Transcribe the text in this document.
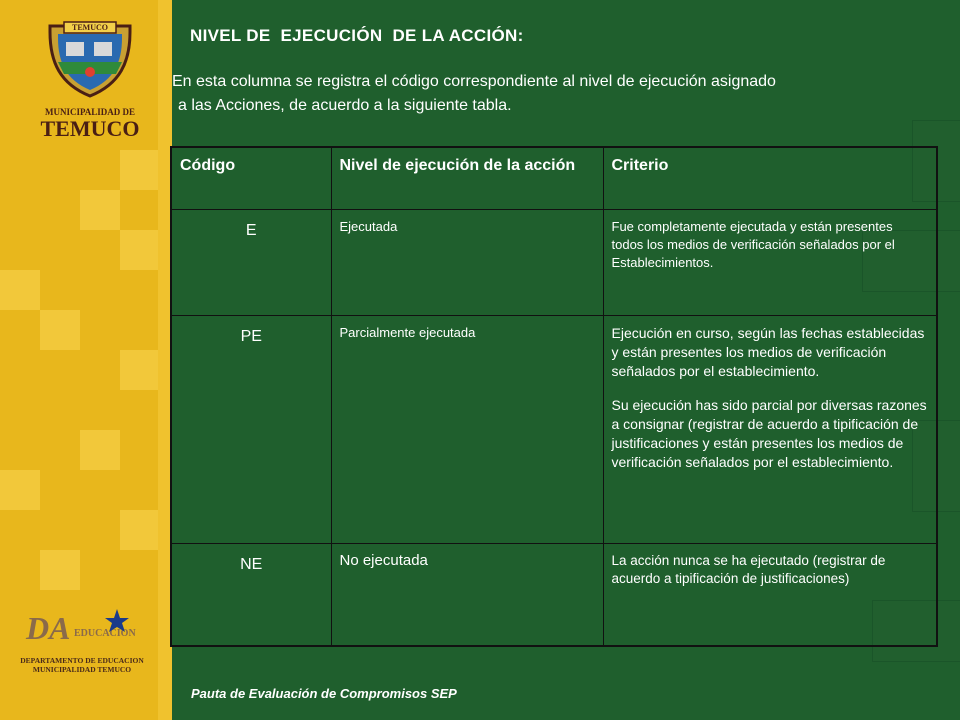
TEMUCO
MUNICIPALIDAD DE
TEMUCO
DA EDUCACION
DEPARTAMENTO DE EDUCACION
MUNICIPALIDAD TEMUCO
NIVEL DE  EJECUCIÓN  DE LA ACCIÓN:
En esta columna se registra el código correspondiente al nivel de ejecución asignado
a las Acciones, de acuerdo a la siguiente tabla.
Código	Nivel de ejecución de la acción	Criterio
E	Ejecutada	Fue completamente ejecutada y están presentes todos los medios de verificación señalados por el Establecimientos.

PE	Parcialmente ejecutada	Ejecución en curso, según las fechas establecidas y están presentes los medios de verificación señalados por el establecimiento.

Su ejecución has sido parcial por diversas razones a consignar (registrar de acuerdo a tipificación de justificaciones y están presentes los medios de verificación señalados por el establecimiento.

NE	No ejecutada	La acción nunca se ha ejecutado (registrar de acuerdo a tipificación de justificaciones)

Pauta de Evaluación de Compromisos SEP
